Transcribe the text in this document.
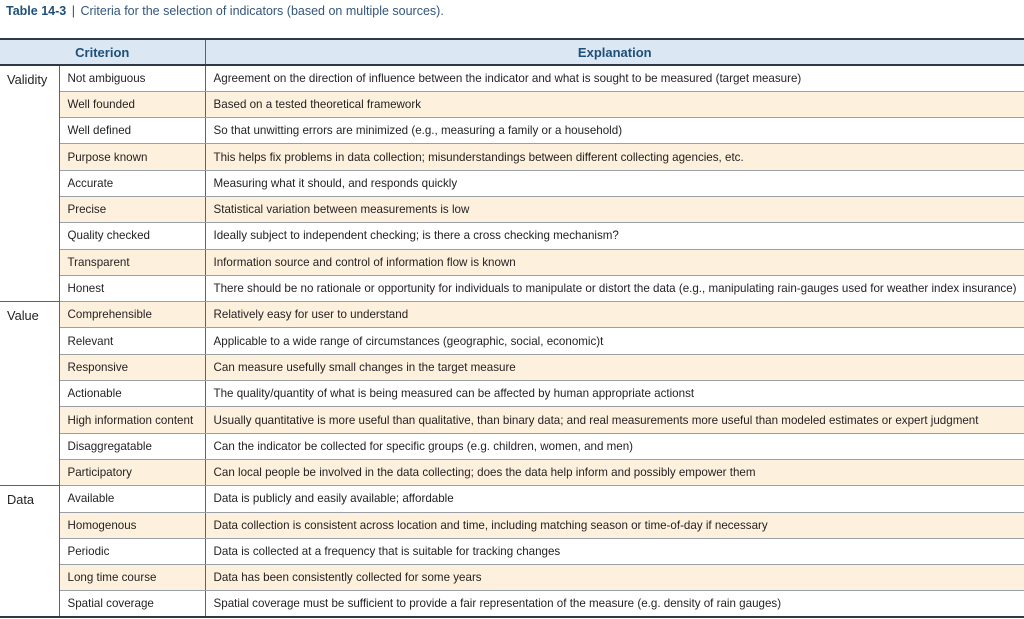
Table 14-3 | Criteria for the selection of indicators (based on multiple sources).
Criterion		Explanation
Validity	Not ambiguous	Agreement on the direction of influence between the indicator and what is sought to be measured (target measure)
	Well founded	Based on a tested theoretical framework
	Well defined	So that unwitting errors are minimized (e.g., measuring a family or a household)
	Purpose known	This helps fix problems in data collection; misunderstandings between different collecting agencies, etc.
	Accurate	Measuring what it should, and responds quickly
	Precise	Statistical variation between measurements is low
	Quality checked	Ideally subject to independent checking; is there a cross checking mechanism?
	Transparent	Information source and control of information flow is known
	Honest	There should be no rationale or opportunity for individuals to manipulate or distort the data (e.g., manipulating rain-gauges used for weather index insurance)
Value	Comprehensible	Relatively easy for user to understand
	Relevant	Applicable to a wide range of circumstances (geographic, social, economic)t
	Responsive	Can measure usefully small changes in the target measure
	Actionable	The quality/quantity of what is being measured can be affected by human appropriate actionst
	High information content	Usually quantitative is more useful than qualitative, than binary data; and real measurements more useful than modeled estimates or expert judgment
	Disaggregatable	Can the indicator be collected for specific groups (e.g. children, women, and men)
	Participatory	Can local people be involved in the data collecting; does the data help inform and possibly empower them
Data	Available	Data is publicly and easily available; affordable
	Homogenous	Data collection is consistent across location and time, including matching season or time-of-day if necessary
	Periodic	Data is collected at a frequency that is suitable for tracking changes
	Long time course	Data has been consistently collected for some years
	Spatial coverage	Spatial coverage must be sufficient to provide a fair representation of the measure (e.g. density of rain gauges)
